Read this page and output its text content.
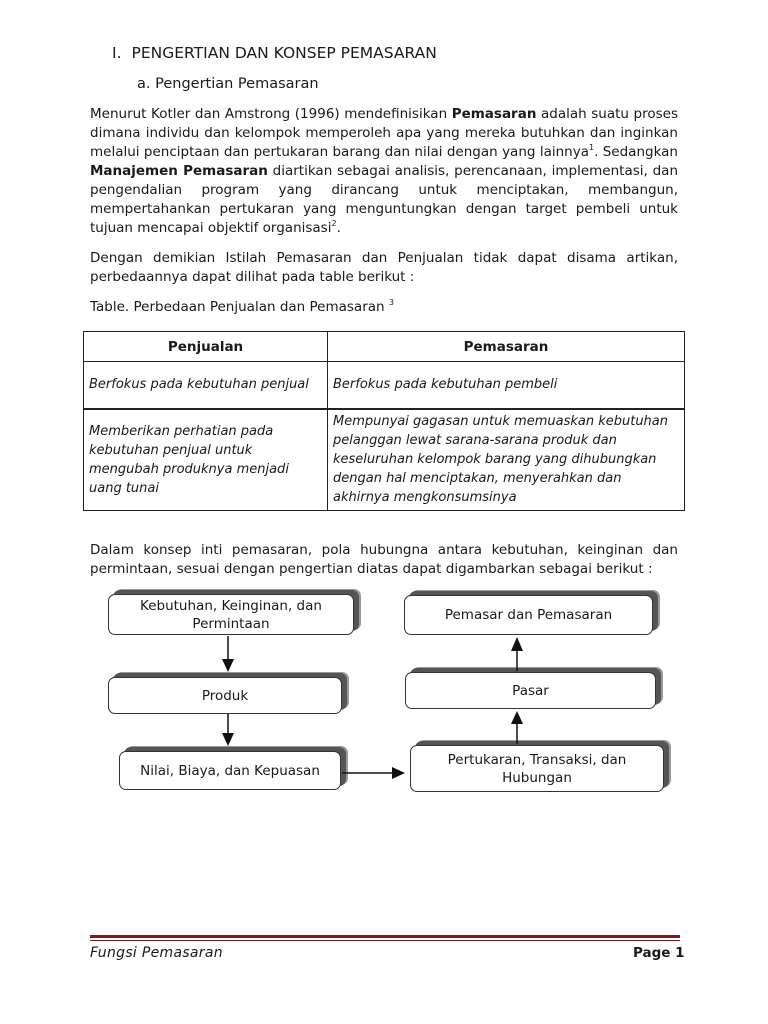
I. PENGERTIAN DAN KONSEP PEMASARAN
a. Pengertian Pemasaran
Menurut Kotler dan Amstrong (1996) mendefinisikan Pemasaran adalah suatu proses dimana individu dan kelompok memperoleh apa yang mereka butuhkan dan inginkan melalui penciptaan dan pertukaran barang dan nilai dengan yang lainnya$^1$. Sedangkan Manajemen Pemasaran diartikan sebagai analisis, perencanaan, implementasi, dan pengendalian program yang dirancang untuk menciptakan, membangun, mempertahankan pertukaran yang menguntungkan dengan target pembeli untuk tujuan mencapai objektif organisasi$^2$.
Dengan demikian Istilah Pemasaran dan Penjualan tidak dapat disama artikan, perbedaannya dapat dilihat pada table berikut :
Table. Perbedaan Penjualan dan Pemasaran $^3$
Penjualan	Pemasaran
Berfokus pada kebutuhan penjual	Berfokus pada kebutuhan pembeli
Memberikan perhatian pada kebutuhan penjual untuk mengubah produknya menjadi uang tunai	Mempunyai gagasan untuk memuaskan kebutuhan pelanggan lewat sarana-sarana produk dan keseluruhan kelompok barang yang dihubungkan dengan hal menciptakan, menyerahkan dan akhirnya mengkonsumsinya
Dalam konsep inti pemasaran, pola hubungna antara kebutuhan, keinginan dan permintaan, sesuai dengan pengertian diatas dapat digambarkan sebagai berikut :
Kebutuhan, Keinginan, dan Permintaan
Produk
Nilai, Biaya, dan Kepuasan
Pertukaran, Transaksi, dan Hubungan
Pasar
Pemasar dan Pemasaran
Fungsi Pemasaran	Page 1
